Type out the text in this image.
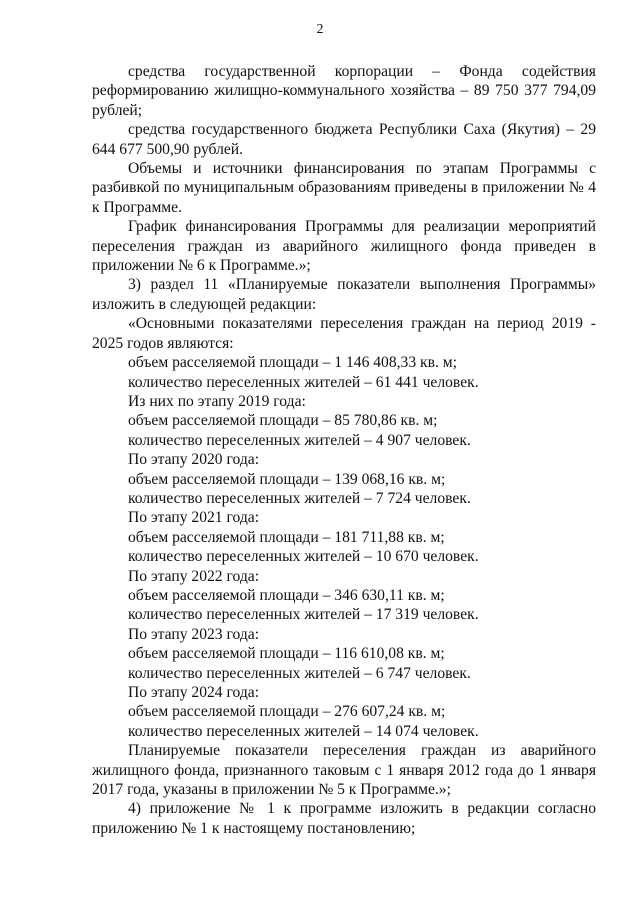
2

средства государственной корпорации – Фонда содействия реформированию жилищно-коммунального хозяйства – 89 750 377 794,09 рублей;

средства государственного бюджета Республики Саха (Якутия) – 29 644 677 500,90 рублей.

Объемы и источники финансирования по этапам Программы с разбивкой по муниципальным образованиям приведены в приложении № 4 к Программе.

График финансирования Программы для реализации мероприятий переселения граждан из аварийного жилищного фонда приведен в приложении № 6 к Программе.»;

3) раздел 11 «Планируемые показатели выполнения Программы» изложить в следующей редакции:

«Основными показателями переселения граждан на период 2019 - 2025 годов являются:

объем расселяемой площади – 1 146 408,33 кв. м;

количество переселенных жителей – 61 441 человек.

Из них по этапу 2019 года:

объем расселяемой площади – 85 780,86 кв. м;

количество переселенных жителей – 4 907 человек.

По этапу 2020 года:

объем расселяемой площади – 139 068,16 кв. м;

количество переселенных жителей – 7 724 человек.

По этапу 2021 года:

объем расселяемой площади – 181 711,88 кв. м;

количество переселенных жителей – 10 670 человек.

По этапу 2022 года:

объем расселяемой площади – 346 630,11 кв. м;

количество переселенных жителей – 17 319 человек.

По этапу 2023 года:

объем расселяемой площади – 116 610,08 кв. м;

количество переселенных жителей – 6 747 человек.

По этапу 2024 года:

объем расселяемой площади – 276 607,24 кв. м;

количество переселенных жителей – 14 074 человек.

Планируемые показатели переселения граждан из аварийного жилищного фонда, признанного таковым с 1 января 2012 года до 1 января 2017 года, указаны в приложении № 5 к Программе.»;

4) приложение № 1 к программе изложить в редакции согласно приложению № 1 к настоящему постановлению;
